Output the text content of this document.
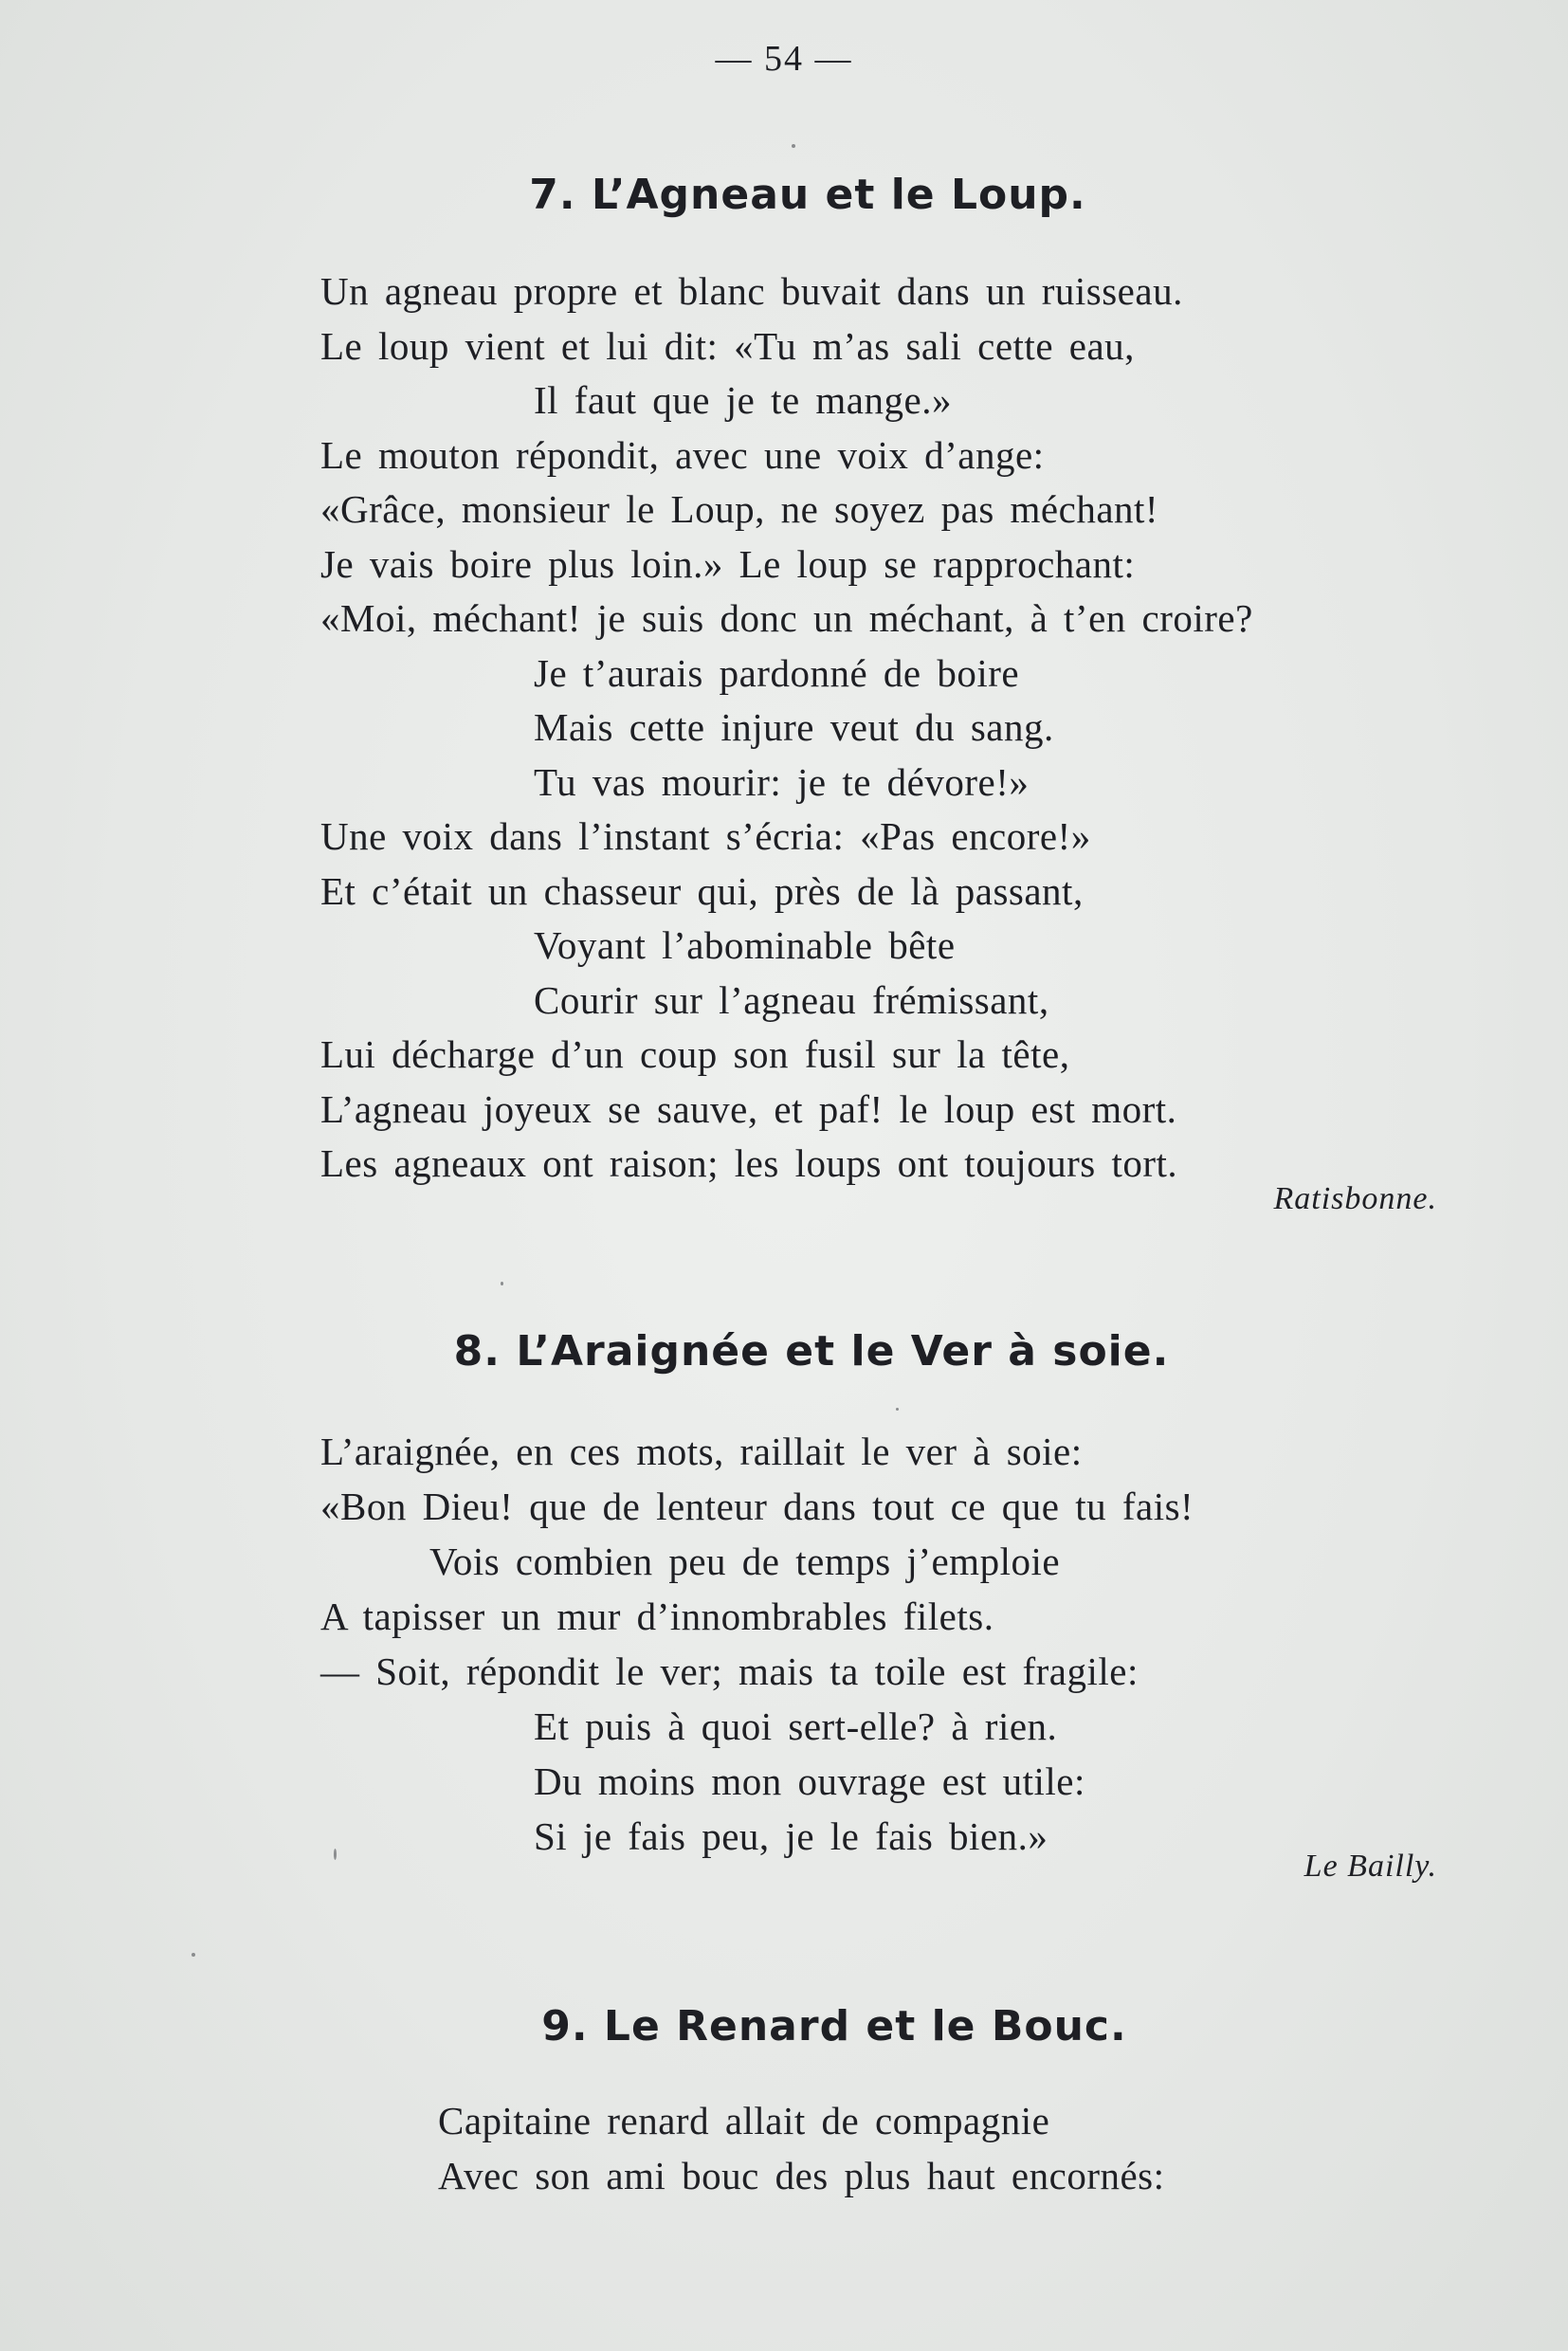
— 54 —
7. L’Agneau et le Loup.
Un agneau propre et blanc buvait dans un ruisseau.
Le loup vient et lui dit: «Tu m’as sali cette eau,
Il faut que je te mange.»
Le mouton répondit, avec une voix d’ange:
«Grâce, monsieur le Loup, ne soyez pas méchant!
Je vais boire plus loin.» Le loup se rapprochant:
«Moi, méchant! je suis donc un méchant, à t’en croire?
Je t’aurais pardonné de boire
Mais cette injure veut du sang.
Tu vas mourir: je te dévore!»
Une voix dans l’instant s’écria: «Pas encore!»
Et c’était un chasseur qui, près de là passant,
Voyant l’abominable bête
Courir sur l’agneau frémissant,
Lui décharge d’un coup son fusil sur la tête,
L’agneau joyeux se sauve, et paf! le loup est mort.
Les agneaux ont raison; les loups ont toujours tort.
Ratisbonne.
8. L’Araignée et le Ver à soie.
L’araignée, en ces mots, raillait le ver à soie:
«Bon Dieu! que de lenteur dans tout ce que tu fais!
Vois combien peu de temps j’emploie
A tapisser un mur d’innombrables filets.
— Soit, répondit le ver; mais ta toile est fragile:
Et puis à quoi sert-elle? à rien.
Du moins mon ouvrage est utile:
Si je fais peu, je le fais bien.»
Le Bailly.
9. Le Renard et le Bouc.
Capitaine renard allait de compagnie
Avec son ami bouc des plus haut encornés:
